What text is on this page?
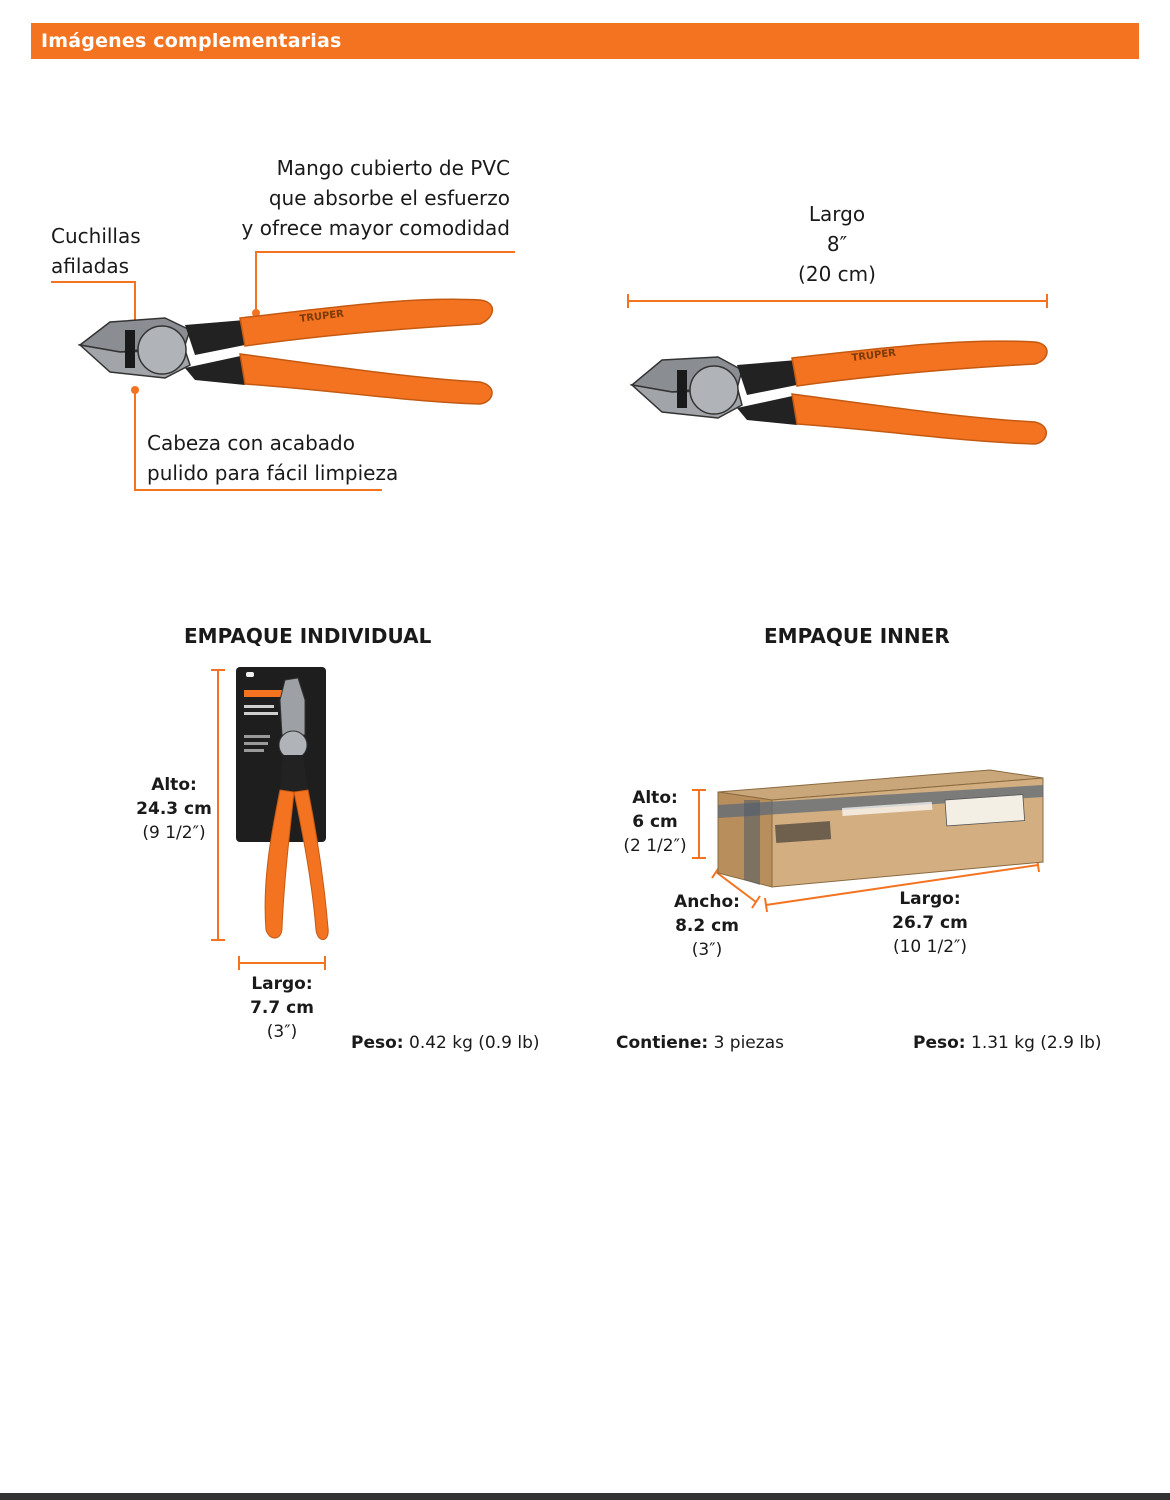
Imágenes complementarias
Mango cubierto de PVC
que absorbe el esfuerzo
y ofrece mayor comodidad
Cuchillas
afiladas
Cabeza con acabado
pulido para fácil limpieza
Largo
8″
(20 cm)
TRUPER
TRUPER
EMPAQUE INDIVIDUAL	EMPAQUE INNER
Alto:
24.3 cm
(9 1/2″)
Largo:
7.7 cm
(3″)
Peso: 0.42 kg (0.9 lb)
Alto:
6 cm
(2 1/2″)
Ancho:
8.2 cm
(3″)
Largo:
26.7 cm
(10 1/2″)
Contiene: 3 piezas	Peso: 1.31 kg (2.9 lb)
